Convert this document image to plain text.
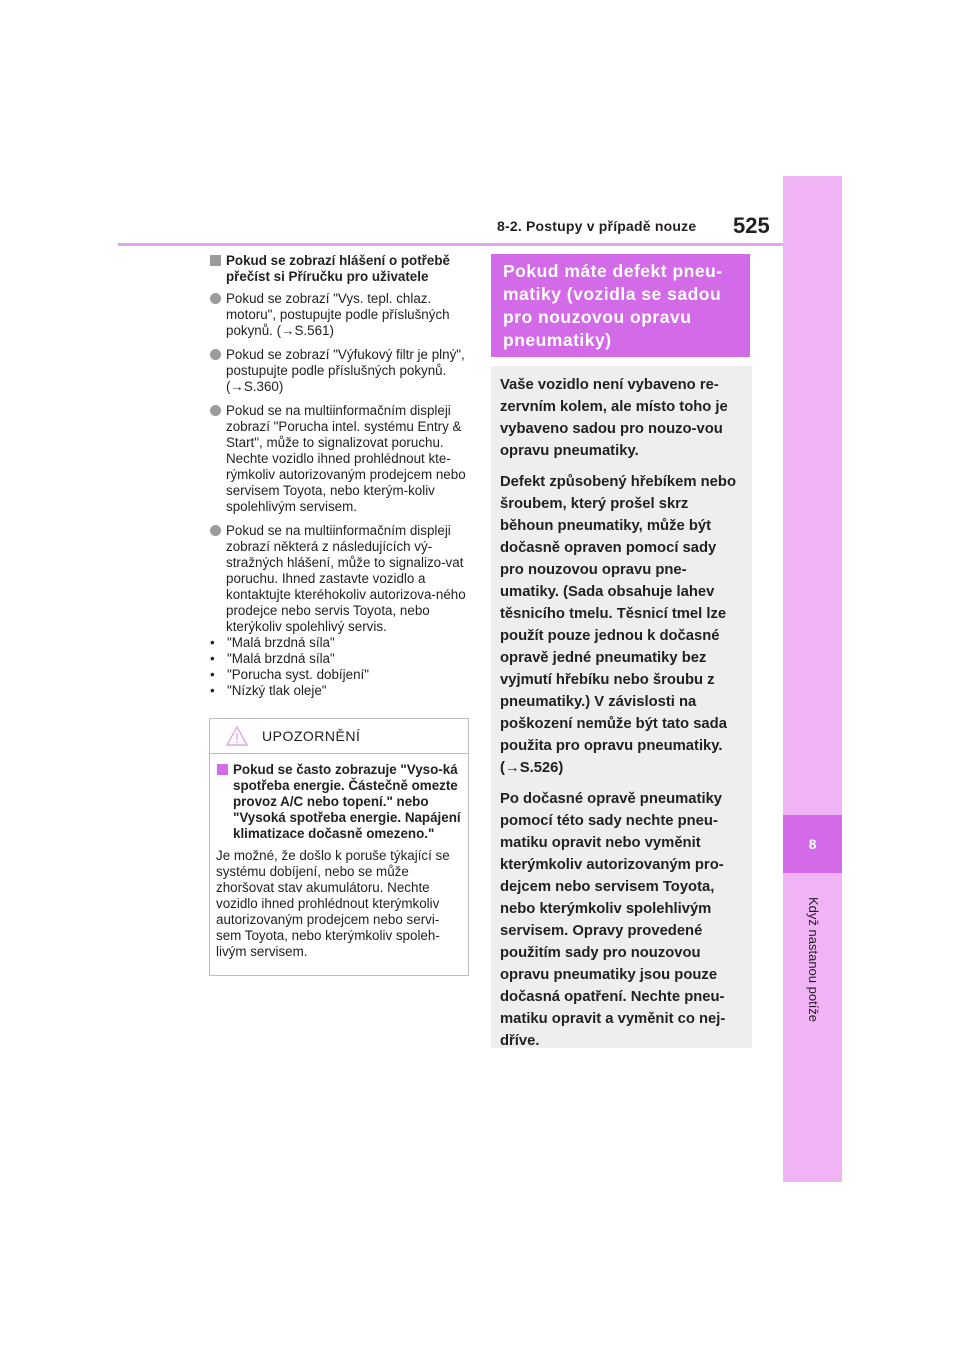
8-2. Postupy v případě nouze 525
8
Když nastanou potíže
Pokud se zobrazí hlášení o potřebě přečíst si Příručku pro uživatele
Pokud se zobrazí "Vys. tepl. chlaz. motoru", postupujte podle příslušných pokynů. (→S.561)
Pokud se zobrazí "Výfukový filtr je plný", postupujte podle příslušných pokynů. (→S.360)
Pokud se na multiinformačním displeji zobrazí "Porucha intel. systému Entry & Start", může to signalizovat poruchu. Nechte vozidlo ihned prohlédnout kte-rýmkoliv autorizovaným prodejcem nebo servisem Toyota, nebo kterým-koliv spolehlivým servisem.
Pokud se na multiinformačním displeji zobrazí některá z následujících vý-stražných hlášení, může to signalizo-vat poruchu. Ihned zastavte vozidlo a kontaktujte kteréhokoliv autorizova-ného prodejce nebo servis Toyota, nebo kterýkoliv spolehlivý servis.
• "Malá brzdná síla"
• "Malá brzdná síla"
• "Porucha syst. dobíjení"
• "Nízký tlak oleje"
UPOZORNĚNÍ
Pokud se často zobrazuje "Vyso-ká spotřeba energie. Částečně omezte provoz A/C nebo topení." nebo "Vysoká spotřeba energie. Napájení klimatizace dočasně omezeno."
Je možné, že došlo k poruše týkající se systému dobíjení, nebo se může zhoršovat stav akumulátoru. Nechte vozidlo ihned prohlédnout kterýmkoliv autorizovaným prodejcem nebo servi-sem Toyota, nebo kterýmkoliv spoleh-livým servisem.
Pokud máte defekt pneu-matiky (vozidla se sadou pro nouzovou opravu pneumatiky)

Vaše vozidlo není vybaveno re-zervním kolem, ale místo toho je vybaveno sadou pro nouzo-vou opravu pneumatiky.

Defekt způsobený hřebíkem nebo šroubem, který prošel skrz běhoun pneumatiky, může být dočasně opraven pomocí sady pro nouzovou opravu pne-umatiky. (Sada obsahuje lahev těsnicího tmelu. Těsnicí tmel lze použít pouze jednou k dočasné opravě jedné pneumatiky bez vyjmutí hřebíku nebo šroubu z pneumatiky.) V závislosti na poškození nemůže být tato sada použita pro opravu pneumatiky. (→S.526)

Po dočasné opravě pneumatiky pomocí této sady nechte pneu-matiku opravit nebo vyměnit kterýmkoliv autorizovaným pro-dejcem nebo servisem Toyota, nebo kterýmkoliv spolehlivým servisem. Opravy provedené použitím sady pro nouzovou opravu pneumatiky jsou pouze dočasná opatření. Nechte pneu-matiku opravit a vyměnit co nej-dříve.
